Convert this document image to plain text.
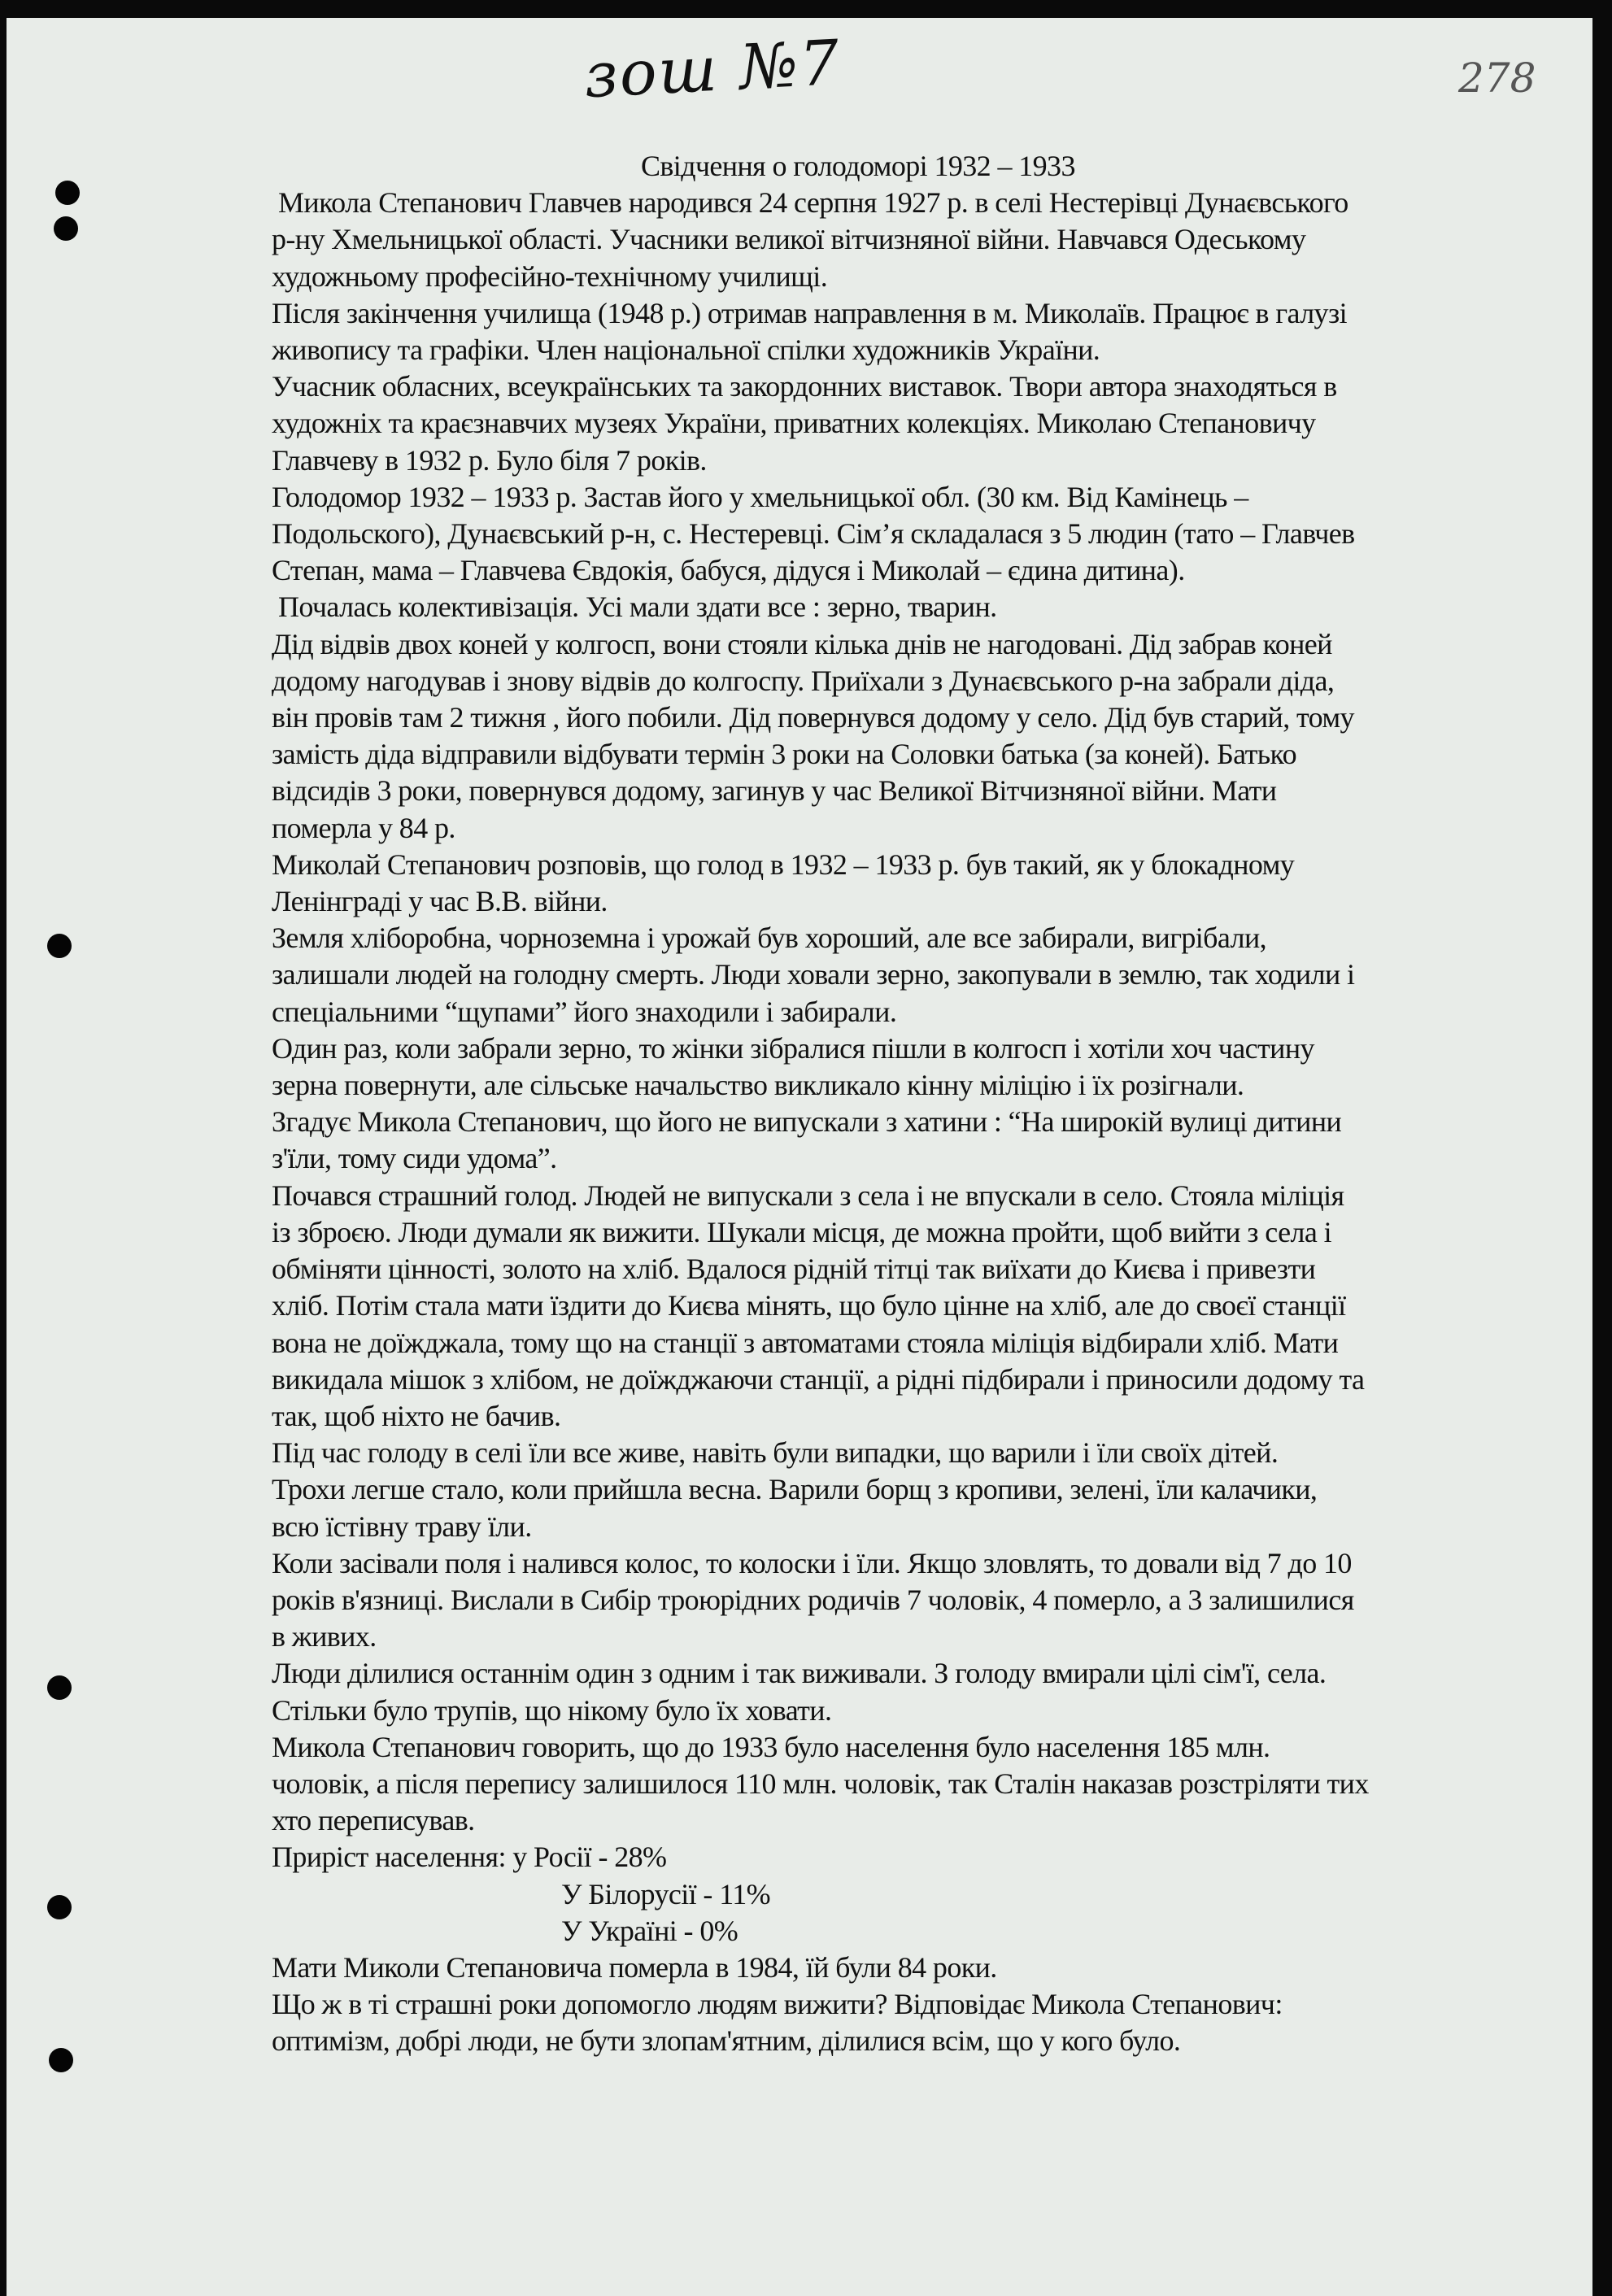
зош №7	278
Свідчення о голодоморі 1932 – 1933
Микола Степанович Главчев народився 24 серпня 1927 р. в селі Нестерівці Дунаєвського
р-ну Хмельницької області. Учасники великої вітчизняної війни. Навчався Одеському
художньому професійно-технічному училищі.
Після закінчення училища (1948 р.) отримав направлення в м. Миколаїв. Працює в галузі
живопису та графіки. Член національної спілки художників України.
Учасник обласних, всеукраїнських та закордонних виставок. Твори автора знаходяться в
художніх та краєзнавчих музеях України, приватних колекціях. Миколаю Степановичу
Главчеву в 1932 р. Було біля 7 років.
Голодомор 1932 – 1933 р. Застав його у хмельницької обл. (30 км. Від Камінець –
Подольского), Дунаєвський р-н, с. Нестеревці. Сім’я складалася з 5 людин (тато – Главчев
Степан, мама – Главчева Євдокія, бабуся, дідуся і Миколай – єдина дитина).
Почалась колективізація. Усі мали здати все : зерно, тварин.
Дід відвів двох коней у колгосп, вони стояли кілька днів не нагодовані. Дід забрав коней
додому нагодував і знову відвів до колгоспу. Приїхали з Дунаєвського р-на забрали діда,
він провів там 2 тижня , його побили. Дід повернувся додому у село. Дід був старий, тому
замість діда відправили відбувати термін 3 роки на Соловки батька (за коней). Батько
відсидів 3 роки, повернувся додому, загинув у час Великої Вітчизняної війни. Мати
померла у 84 р.
Миколай Степанович розповів, що голод в 1932 – 1933 р. був такий, як у блокадному
Ленінграді у час В.В. війни.
Земля хліборобна, чорноземна і урожай був хороший, але все забирали, вигрібали,
залишали людей на голодну смерть. Люди ховали зерно, закопували в землю, так ходили і
спеціальними “щупами” його знаходили і забирали.
Один раз, коли забрали зерно, то жінки зібралися пішли в колгосп і хотіли хоч частину
зерна повернути, але сільське начальство викликало кінну міліцію і їх розігнали.
Згадує Микола Степанович, що його не випускали з хатини : “На широкій вулиці дитини
з'їли, тому сиди удома”.
Почався страшний голод. Людей не випускали з села і не впускали в село. Стояла міліція
із зброєю. Люди думали як вижити. Шукали місця, де можна пройти, щоб вийти з села і
обміняти цінності, золото на хліб. Вдалося рідній тітці так виїхати до Києва і привезти
хліб. Потім стала мати їздити до Києва мінять, що було цінне на хліб, але до своєї станції
вона не доїжджала, тому що на станції з автоматами стояла міліція відбирали хліб. Мати
викидала мішок з хлібом, не доїжджаючи станції, а рідні підбирали і приносили додому та
так, щоб ніхто не бачив.
Під час голоду в селі їли все живе, навіть були випадки, що варили і їли своїх дітей.
Трохи легше стало, коли прийшла весна. Варили борщ з кропиви, зелені, їли калачики,
всю їстівну траву їли.
Коли засівали поля і налився колос, то колоски і їли. Якщо зловлять, то довали від 7 до 10
років в'язниці. Вислали в Сибір троюрідних родичів 7 чоловік, 4 померло, а 3 залишилися
в живих.
Люди ділилися останнім один з одним і так виживали. З голоду вмирали цілі сім'ї, села.
Стільки було трупів, що нікому було їх ховати.
Микола Степанович говорить, що до 1933 було населення було населення 185 млн.
чоловік, а після перепису залишилося 110 млн. чоловік, так Сталін наказав розстріляти тих
хто переписував.
Приріст населення: у Росії - 28%
У Білорусії - 11%
У Україні - 0%
Мати Миколи Степановича померла в 1984, їй були 84 роки.
Що ж в ті страшні роки допомогло людям вижити? Відповідає Микола Степанович:
оптимізм, добрі люди, не бути злопам'ятним, ділилися всім, що у кого було.
